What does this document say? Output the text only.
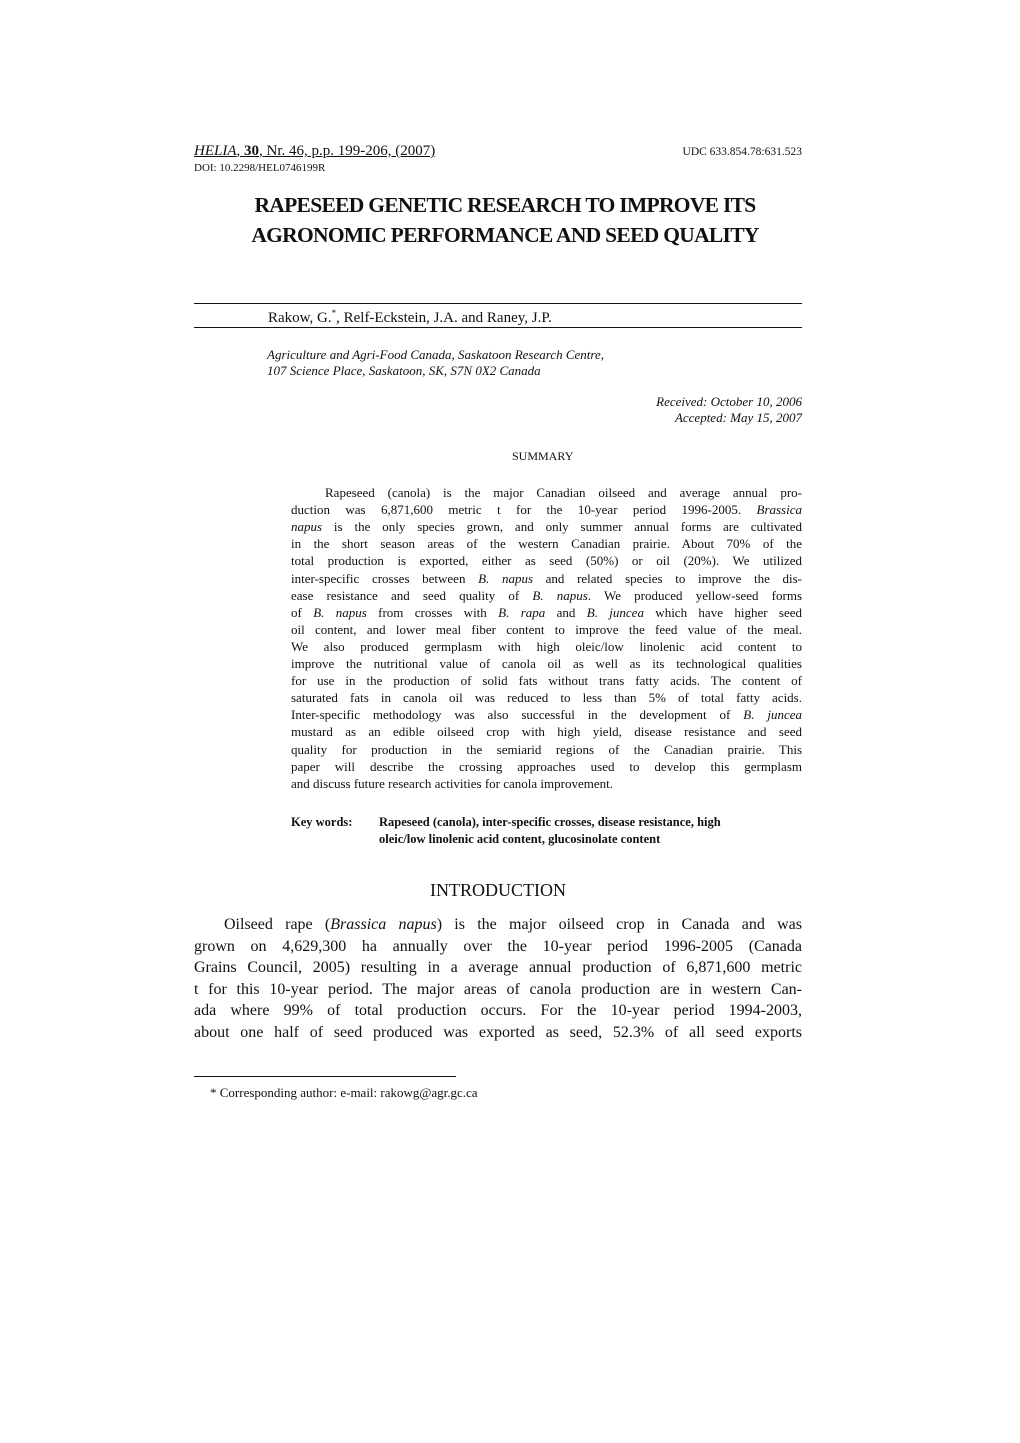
HELIA, 30, Nr. 46, p.p. 199-206, (2007)	UDC 633.854.78:631.523
DOI: 10.2298/HEL0746199R
RAPESEED GENETIC RESEARCH TO IMPROVE ITS
AGRONOMIC PERFORMANCE AND SEED QUALITY
Rakow, G.*, Relf-Eckstein, J.A. and Raney, J.P.
Agriculture and Agri-Food Canada, Saskatoon Research Centre,
107 Science Place, Saskatoon, SK, S7N 0X2 Canada
Received: October 10, 2006
Accepted: May 15, 2007
SUMMARY
Rapeseed (canola) is the major Canadian oilseed and average annual pro-
duction was 6,871,600 metric t for the 10-year period 1996-2005. Brassica
napus is the only species grown, and only summer annual forms are cultivated
in the short season areas of the western Canadian prairie. About 70% of the
total production is exported, either as seed (50%) or oil (20%). We utilized
inter-specific crosses between B. napus and related species to improve the dis-
ease resistance and seed quality of B. napus. We produced yellow-seed forms
of B. napus from crosses with B. rapa and B. juncea which have higher seed
oil content, and lower meal fiber content to improve the feed value of the meal.
We also produced germplasm with high oleic/low linolenic acid content to
improve the nutritional value of canola oil as well as its technological qualities
for use in the production of solid fats without trans fatty acids. The content of
saturated fats in canola oil was reduced to less than 5% of total fatty acids.
Inter-specific methodology was also successful in the development of B. juncea
mustard as an edible oilseed crop with high yield, disease resistance and seed
quality for production in the semiarid regions of the Canadian prairie. This
paper will describe the crossing approaches used to develop this germplasm
and discuss future research activities for canola improvement.
Key words: Rapeseed (canola), inter-specific crosses, disease resistance, high
oleic/low linolenic acid content, glucosinolate content
INTRODUCTION
Oilseed rape (Brassica napus) is the major oilseed crop in Canada and was
grown on 4,629,300 ha annually over the 10-year period 1996-2005 (Canada
Grains Council, 2005) resulting in a average annual production of 6,871,600 metric
t for this 10-year period. The major areas of canola production are in western Can-
ada where 99% of total production occurs. For the 10-year period 1994-2003,
about one half of seed produced was exported as seed, 52.3% of all seed exports
* Corresponding author: e-mail: rakowg@agr.gc.ca
